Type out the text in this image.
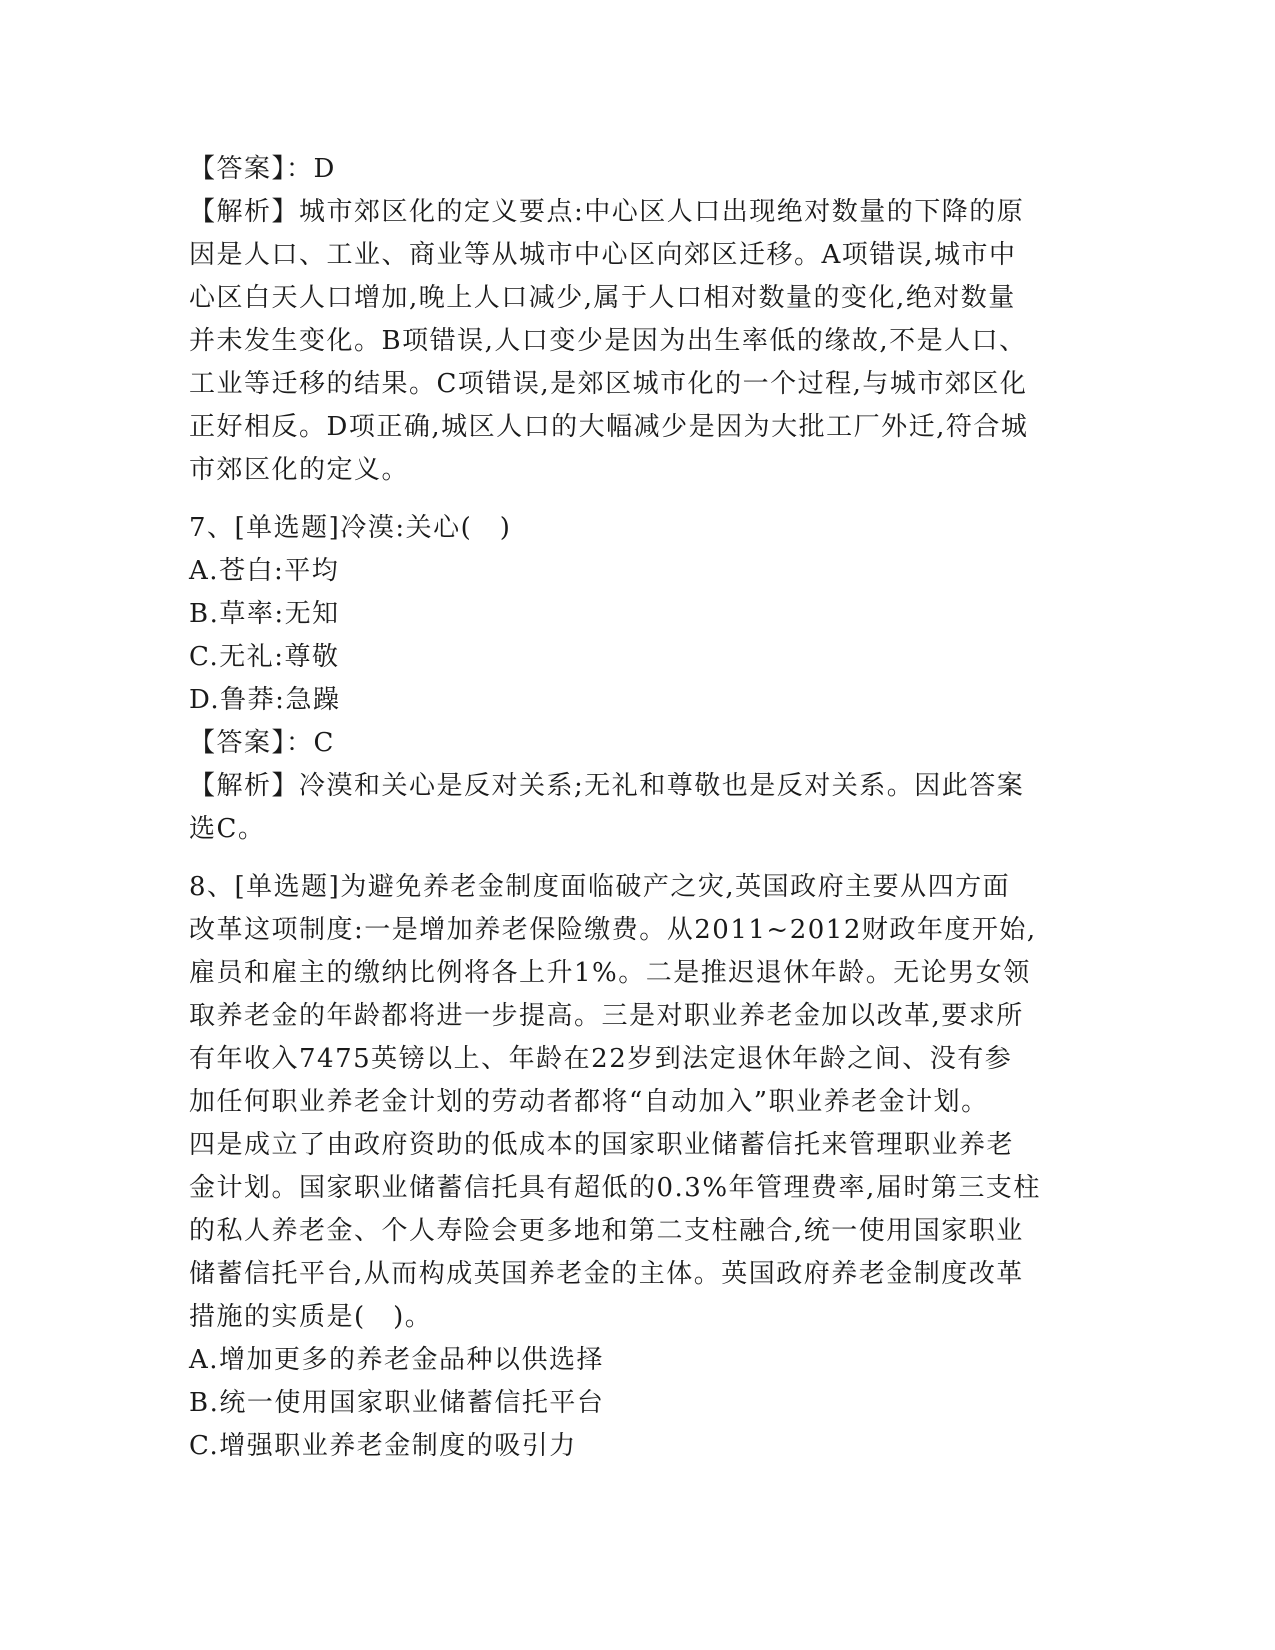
【答案】：D
【解析】城市郊区化的定义要点:中心区人口出现绝对数量的下降的原
因是人口、工业、商业等从城市中心区向郊区迁移。A项错误,城市中
心区白天人口增加,晚上人口减少,属于人口相对数量的变化,绝对数量
并未发生变化。B项错误,人口变少是因为出生率低的缘故,不是人口、
工业等迁移的结果。C项错误,是郊区城市化的一个过程,与城市郊区化
正好相反。D项正确,城区人口的大幅减少是因为大批工厂外迁,符合城
市郊区化的定义。
7、[单选题]冷漠:关心(　)
A.苍白:平均
B.草率:无知
C.无礼:尊敬
D.鲁莽:急躁
【答案】：C
【解析】冷漠和关心是反对关系;无礼和尊敬也是反对关系。因此答案
选C。
8、[单选题]为避免养老金制度面临破产之灾,英国政府主要从四方面
改革这项制度:一是增加养老保险缴费。从2011~2012财政年度开始,
雇员和雇主的缴纳比例将各上升1%。二是推迟退休年龄。无论男女领
取养老金的年龄都将进一步提高。三是对职业养老金加以改革,要求所
有年收入7475英镑以上、年龄在22岁到法定退休年龄之间、没有参
加任何职业养老金计划的劳动者都将“自动加入”职业养老金计划。
四是成立了由政府资助的低成本的国家职业储蓄信托来管理职业养老
金计划。国家职业储蓄信托具有超低的0.3%年管理费率,届时第三支柱
的私人养老金、个人寿险会更多地和第二支柱融合,统一使用国家职业
储蓄信托平台,从而构成英国养老金的主体。英国政府养老金制度改革
措施的实质是(　)。
A.增加更多的养老金品种以供选择
B.统一使用国家职业储蓄信托平台
C.增强职业养老金制度的吸引力
